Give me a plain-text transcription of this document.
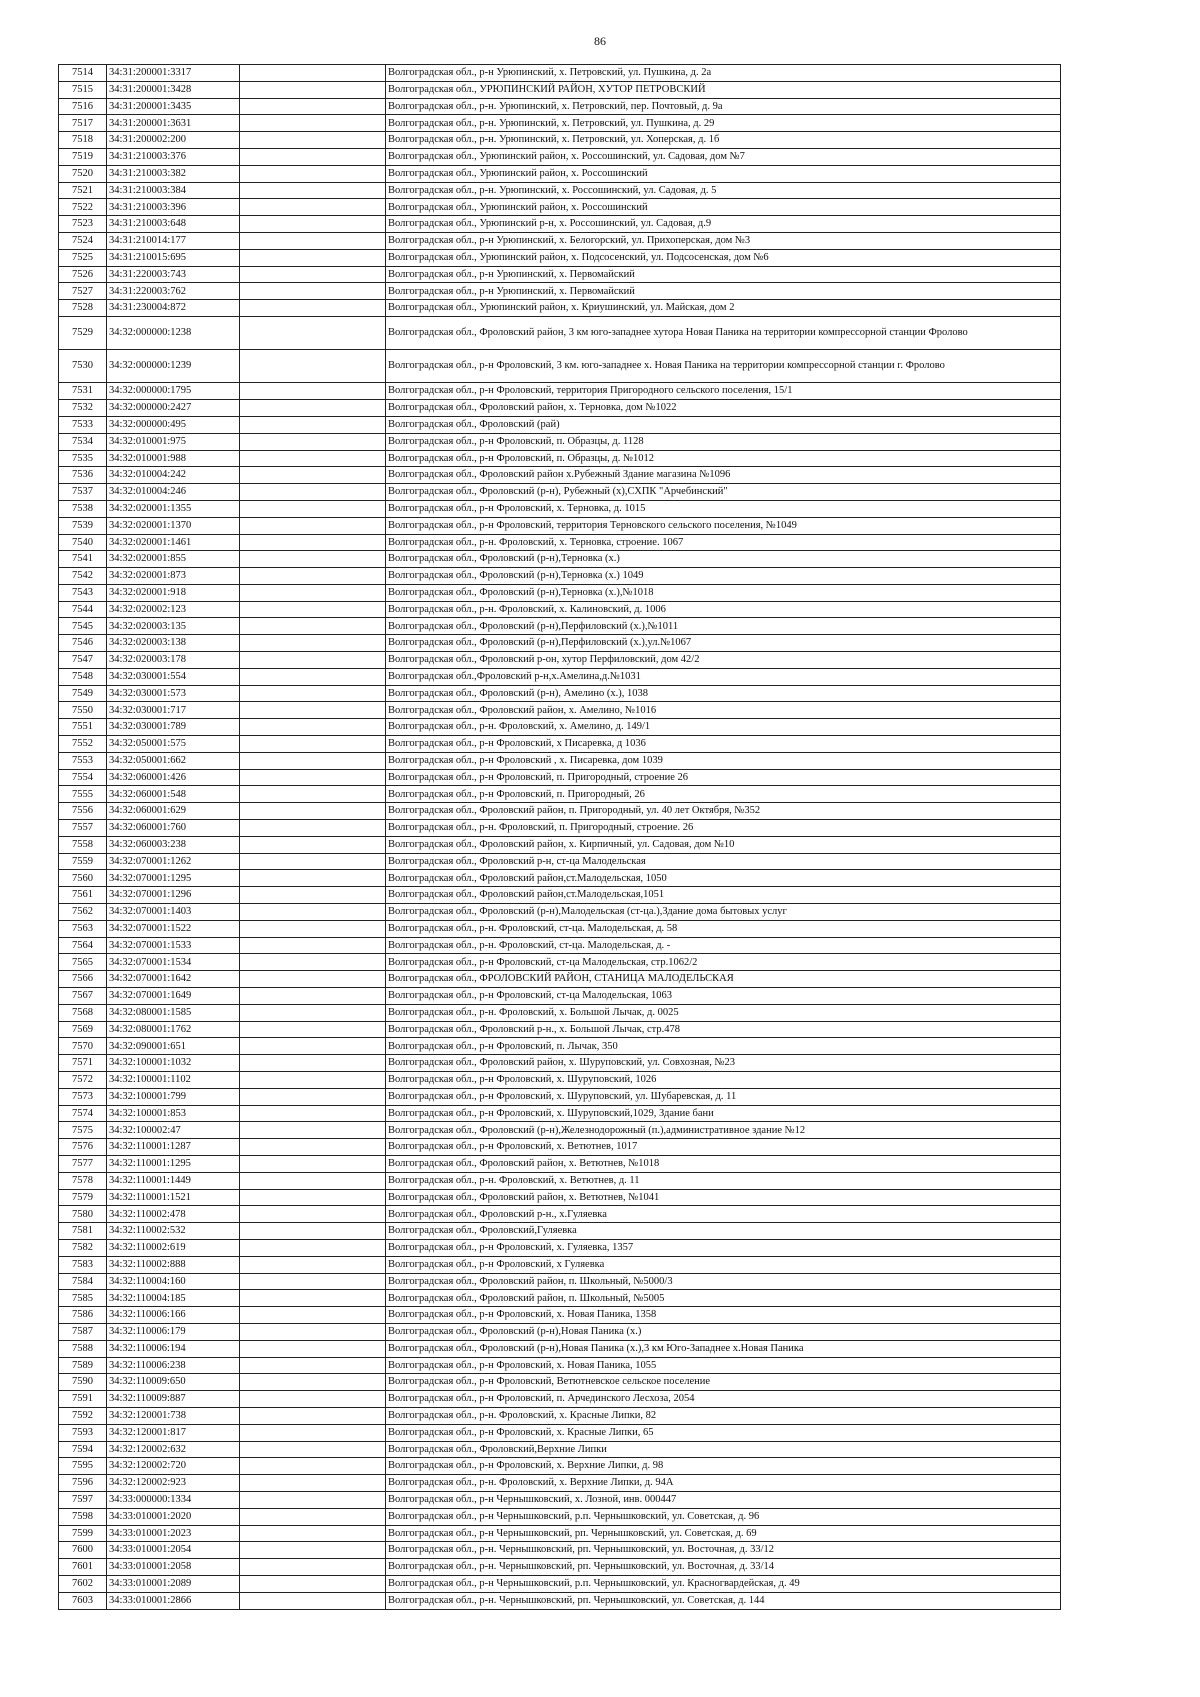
86
7514	34:31:200001:3317		Волгоградская обл., р-н Урюпинский, х. Петровский, ул. Пушкина, д. 2а
7515	34:31:200001:3428		Волгоградская обл., УРЮПИНСКИЙ РАЙОН, ХУТОР ПЕТРОВСКИЙ
7516	34:31:200001:3435		Волгоградская обл., р-н. Урюпинский, х. Петровский, пер. Почтовый, д. 9а
7517	34:31:200001:3631		Волгоградская обл., р-н. Урюпинский, х. Петровский, ул. Пушкина, д. 29
7518	34:31:200002:200		Волгоградская обл., р-н. Урюпинский, х. Петровский, ул. Хоперская, д. 1б
7519	34:31:210003:376		Волгоградская обл., Урюпинский район, х. Россошинский, ул. Садовая, дом №7
7520	34:31:210003:382		Волгоградская обл., Урюпинский район, х. Россошинский
7521	34:31:210003:384		Волгоградская обл., р-н. Урюпинский, х. Россошинский, ул. Садовая, д. 5
7522	34:31:210003:396		Волгоградская обл., Урюпинский район, х. Россошинский
7523	34:31:210003:648		Волгоградская обл., Урюпинский р-н, х. Россошинский, ул. Садовая, д.9
7524	34:31:210014:177		Волгоградская обл., р-н Урюпинский, х. Белогорский, ул. Прихоперская, дом №3
7525	34:31:210015:695		Волгоградская обл., Урюпинский район, х. Подсосенский, ул. Подсосенская, дом №6
7526	34:31:220003:743		Волгоградская обл., р-н Урюпинский, х. Первомайский
7527	34:31:220003:762		Волгоградская обл., р-н Урюпинский, х. Первомайский
7528	34:31:230004:872		Волгоградская обл., Урюпинский район, х. Криушинский, ул. Майская, дом 2
7529	34:32:000000:1238		Волгоградская обл., Фроловский район, 3 км юго-западнее хутора Новая Паника на территории компрессорной станции Фролово
7530	34:32:000000:1239		Волгоградская обл., р-н Фроловский, 3 км. юго-западнее х. Новая Паника на территории компрессорной станции г. Фролово
7531	34:32:000000:1795		Волгоградская обл., р-н Фроловский, территория Пригородного сельского поселения, 15/1
7532	34:32:000000:2427		Волгоградская обл., Фроловский район, х. Терновка, дом №1022
7533	34:32:000000:495		Волгоградская обл., Фроловский (рай)
7534	34:32:010001:975		Волгоградская обл., р-н Фроловский, п. Образцы, д. 1128
7535	34:32:010001:988		Волгоградская обл., р-н Фроловский, п. Образцы, д. №1012
7536	34:32:010004:242		Волгоградская обл., Фроловский район х.Рубежный Здание магазина №1096
7537	34:32:010004:246		Волгоградская обл., Фроловский (р-н), Рубежный (х),СХПК "Арчебинский"
7538	34:32:020001:1355		Волгоградская обл., р-н Фроловский, х. Терновка, д. 1015
7539	34:32:020001:1370		Волгоградская обл., р-н Фроловский, территория Терновского сельского поселения, №1049
7540	34:32:020001:1461		Волгоградская обл., р-н. Фроловский, х. Терновка, строение. 1067
7541	34:32:020001:855		Волгоградская обл., Фроловский (р-н),Терновка (х.)
7542	34:32:020001:873		Волгоградская обл., Фроловский (р-н),Терновка (х.) 1049
7543	34:32:020001:918		Волгоградская обл., Фроловский (р-н),Терновка (х.),№1018
7544	34:32:020002:123		Волгоградская обл., р-н. Фроловский, х. Калиновский, д. 1006
7545	34:32:020003:135		Волгоградская обл., Фроловский (р-н),Перфиловский (х.),№1011
7546	34:32:020003:138		Волгоградская обл., Фроловский (р-н),Перфиловский (х.),ул.№1067
7547	34:32:020003:178		Волгоградская обл., Фроловский р-он, хутор Перфиловский, дом 42/2
7548	34:32:030001:554		Волгоградская обл.,Фроловский р-н,х.Амелина,д.№1031
7549	34:32:030001:573		Волгоградская обл., Фроловский (р-н), Амелино (х.), 1038
7550	34:32:030001:717		Волгоградская обл., Фроловский район, х. Амелино, №1016
7551	34:32:030001:789		Волгоградская обл., р-н. Фроловский, х. Амелино, д. 149/1
7552	34:32:050001:575		Волгоградская обл., р-н Фроловский, х Писаревка, д 1036
7553	34:32:050001:662		Волгоградская обл., р-н Фроловский , х. Писаревка, дом 1039
7554	34:32:060001:426		Волгоградская обл., р-н Фроловский, п. Пригородный, строение 26
7555	34:32:060001:548		Волгоградская обл., р-н Фроловский, п. Пригородный, 26
7556	34:32:060001:629		Волгоградская обл., Фроловский район, п. Пригородный, ул. 40 лет Октября, №352
7557	34:32:060001:760		Волгоградская обл., р-н. Фроловский, п. Пригородный, строение. 26
7558	34:32:060003:238		Волгоградская обл., Фроловский район, х. Кирпичный, ул. Садовая, дом №10
7559	34:32:070001:1262		Волгоградская обл., Фроловский р-н, ст-ца Малодельская
7560	34:32:070001:1295		Волгоградская обл., Фроловский район,ст.Малодельская, 1050
7561	34:32:070001:1296		Волгоградская обл., Фроловский район,ст.Малодельская,1051
7562	34:32:070001:1403		Волгоградская обл., Фроловский (р-н),Малодельская (ст-ца.),Здание дома бытовых услуг
7563	34:32:070001:1522		Волгоградская обл., р-н. Фроловский, ст-ца. Малодельская, д. 58
7564	34:32:070001:1533		Волгоградская обл., р-н. Фроловский, ст-ца. Малодельская, д. -
7565	34:32:070001:1534		Волгоградская обл., р-н Фроловский, ст-ца Малодельская, стр.1062/2
7566	34:32:070001:1642		Волгоградская обл., ФРОЛОВСКИЙ РАЙОН, СТАНИЦА МАЛОДЕЛЬСКАЯ
7567	34:32:070001:1649		Волгоградская обл., р-н Фроловский, ст-ца Малодельская, 1063
7568	34:32:080001:1585		Волгоградская обл., р-н. Фроловский, х. Большой Лычак, д. 0025
7569	34:32:080001:1762		Волгоградская обл., Фроловский р-н., х. Большой Лычак, стр.478
7570	34:32:090001:651		Волгоградская обл., р-н Фроловский, п. Лычак, 350
7571	34:32:100001:1032		Волгоградская обл., Фроловский район, х. Шуруповский, ул. Совхозная, №23
7572	34:32:100001:1102		Волгоградская обл., р-н Фроловский, х. Шуруповский, 1026
7573	34:32:100001:799		Волгоградская обл., р-н Фроловский, х. Шуруповский, ул. Шубаревская, д. 11
7574	34:32:100001:853		Волгоградская обл., р-н Фроловский, х. Шуруповский,1029, Здание бани
7575	34:32:100002:47		Волгоградская обл., Фроловский (р-н),Железнодорожный (п.),административное здание №12
7576	34:32:110001:1287		Волгоградская обл., р-н Фроловский, х. Ветютнев, 1017
7577	34:32:110001:1295		Волгоградская обл., Фроловский район, х. Ветютнев, №1018
7578	34:32:110001:1449		Волгоградская обл., р-н. Фроловский, х. Ветютнев, д. 11
7579	34:32:110001:1521		Волгоградская обл., Фроловский район, х. Ветютнев, №1041
7580	34:32:110002:478		Волгоградская обл., Фроловский р-н., х.Гуляевка
7581	34:32:110002:532		Волгоградская обл., Фроловский,Гуляевка
7582	34:32:110002:619		Волгоградская обл., р-н Фроловский, х. Гуляевка, 1357
7583	34:32:110002:888		Волгоградская обл., р-н Фроловский, х Гуляевка
7584	34:32:110004:160		Волгоградская обл., Фроловский район, п. Школьный, №5000/3
7585	34:32:110004:185		Волгоградская обл., Фроловский район, п. Школьный, №5005
7586	34:32:110006:166		Волгоградская обл., р-н Фроловский, х. Новая Паника, 1358
7587	34:32:110006:179		Волгоградская обл., Фроловский (р-н),Новая Паника (х.)
7588	34:32:110006:194		Волгоградская обл., Фроловский (р-н),Новая Паника (х.),3 км Юго-Западнее х.Новая Паника
7589	34:32:110006:238		Волгоградская обл., р-н Фроловский, х. Новая Паника, 1055
7590	34:32:110009:650		Волгоградская обл., р-н Фроловский, Ветютневское сельское поселение
7591	34:32:110009:887		Волгоградская обл., р-н Фроловский, п. Арчединского Лесхоза, 2054
7592	34:32:120001:738		Волгоградская обл., р-н. Фроловский, х. Красные Липки, 82
7593	34:32:120001:817		Волгоградская обл., р-н Фроловский, х. Красные Липки, 65
7594	34:32:120002:632		Волгоградская обл., Фроловский,Верхние Липки
7595	34:32:120002:720		Волгоградская обл., р-н Фроловский, х. Верхние Липки, д. 98
7596	34:32:120002:923		Волгоградская обл., р-н. Фроловский, х. Верхние Липки, д. 94А
7597	34:33:000000:1334		Волгоградская обл., р-н Чернышковский, х. Лозной, инв. 000447
7598	34:33:010001:2020		Волгоградская обл., р-н Чернышковский, р.п. Чернышковский, ул. Советская, д. 96
7599	34:33:010001:2023		Волгоградская обл., р-н Чернышковский, рп. Чернышковский, ул. Советская, д. 69
7600	34:33:010001:2054		Волгоградская обл., р-н. Чернышковский, рп. Чернышковский, ул. Восточная, д. 33/12
7601	34:33:010001:2058		Волгоградская обл., р-н. Чернышковский, рп. Чернышковский, ул. Восточная, д. 33/14
7602	34:33:010001:2089		Волгоградская обл., р-н Чернышковский, р.п. Чернышковский, ул. Красногвардейская, д. 49
7603	34:33:010001:2866		Волгоградская обл., р-н. Чернышковский, рп. Чернышковский, ул. Советская, д. 144
